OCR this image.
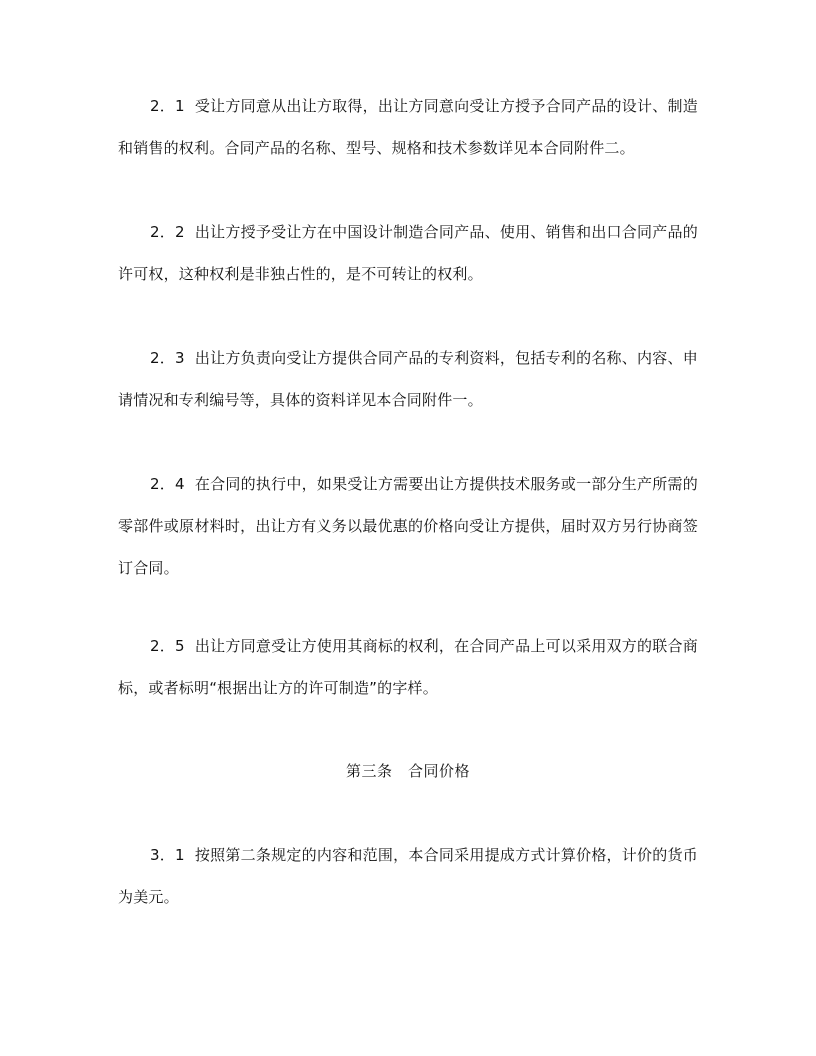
2．1 受让方同意从出让方取得，出让方同意向受让方授予合同产品的设计、制造和销售的权利。合同产品的名称、型号、规格和技术参数详见本合同附件二。

2．2 出让方授予受让方在中国设计制造合同产品、使用、销售和出口合同产品的许可权，这种权利是非独占性的，是不可转让的权利。

2．3 出让方负责向受让方提供合同产品的专利资料，包括专利的名称、内容、申请情况和专利编号等，具体的资料详见本合同附件一。

2．4 在合同的执行中，如果受让方需要出让方提供技术服务或一部分生产所需的零部件或原材料时，出让方有义务以最优惠的价格向受让方提供，届时双方另行协商签订合同。

2．5 出让方同意受让方使用其商标的权利，在合同产品上可以采用双方的联合商标，或者标明“根据出让方的许可制造”的字样。

第三条　合同价格

3．1 按照第二条规定的内容和范围，本合同采用提成方式计算价格，计价的货币为美元。
